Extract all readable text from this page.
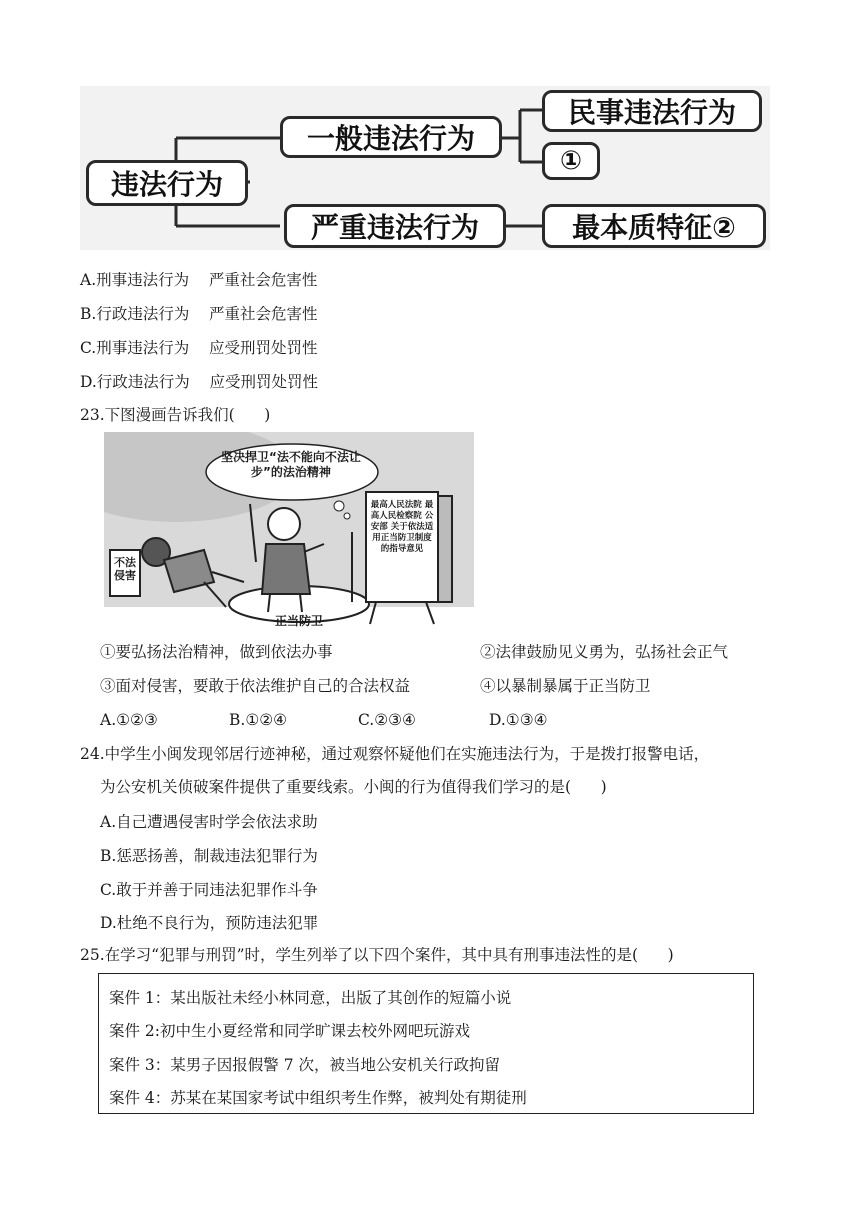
违法行为
一般违法行为
严重违法行为
民事违法行为
①
最本质特征②
A.刑事违法行为    严重社会危害性
B.行政违法行为    严重社会危害性
C.刑事违法行为    应受刑罚处罚性
D.行政违法行为    应受刑罚处罚性
23.下图漫画告诉我们(      )
坚决捍卫“法不能向不法让步”的法治精神
不法侵害
最高人民法院 最高人民检察院 公安部 关于依法适用正当防卫制度的指导意见
正当防卫
①要弘扬法治精神，做到依法办事	②法律鼓励见义勇为，弘扬社会正气
③面对侵害，要敢于依法维护自己的合法权益	④以暴制暴属于正当防卫
A.①②③	B.①②④	C.②③④	D.①③④
24.中学生小闽发现邻居行迹神秘，通过观察怀疑他们在实施违法行为，于是拨打报警电话，
为公安机关侦破案件提供了重要线索。小闽的行为值得我们学习的是(      )
A.自己遭遇侵害时学会依法求助
B.惩恶扬善，制裁违法犯罪行为
C.敢于并善于同违法犯罪作斗争
D.杜绝不良行为，预防违法犯罪
25.在学习“犯罪与刑罚”时，学生列举了以下四个案件，其中具有刑事违法性的是(      )
案件 1：某出版社未经小林同意，出版了其创作的短篇小说
案件 2:初中生小夏经常和同学旷课去校外网吧玩游戏
案件 3：某男子因报假警 7 次，被当地公安机关行政拘留
案件 4：苏某在某国家考试中组织考生作弊，被判处有期徒刑
